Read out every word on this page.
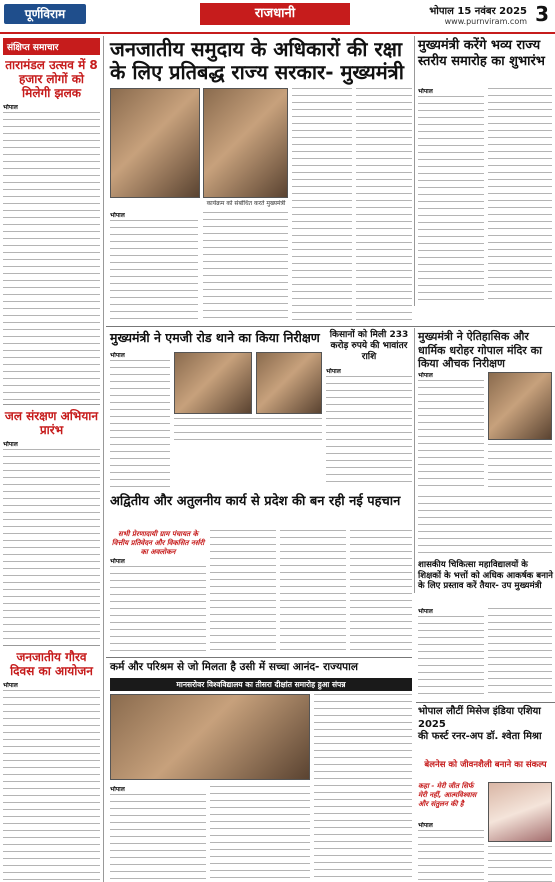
पूर्णविराम	राजधानी	भोपाल 15 नवंबर 2025
www.purnviram.com 3
संक्षिप्त समाचार
तारामंडल उत्सव में 8 हजार लोगों को मिलेगी झलक
भोपाल
जल संरक्षण अभियान प्रारंभ
भोपाल
जनजातीय गौरव दिवस का आयोजन
भोपाल
जनजातीय समुदाय के अधिकारों की रक्षा
के लिए प्रतिबद्ध राज्य सरकार- मुख्यमंत्री
कार्यक्रम को संबोधित करते मुख्यमंत्री
भोपाल
मुख्यमंत्री करेंगे भव्य राज्य स्तरीय समारोह का शुभारंभ
भोपाल
मुख्यमंत्री ने एमजी रोड थाने का किया निरीक्षण
भोपाल
किसानों को मिली 233 करोड़ रुपये की भावांतर राशि
भोपाल
मुख्यमंत्री ने ऐतिहासिक और धार्मिक धरोहर गोपाल मंदिर का किया औचक निरीक्षण
भोपाल
अद्वितीय और अतुलनीय कार्य से प्रदेश की बन रही नई पहचान
सभी प्रेरणादायी ग्राम पंचायत के वित्तीय प्रतिवेदन और विकसित नर्सरी का अवलोकन
भोपाल	शासकीय चिकित्सा महाविद्यालयों के शिक्षकों के भत्तों को अधिक आकर्षक बनाने के लिए प्रस्ताव करें तैयार- उप मुख्यमंत्री
भोपाल
कर्म और परिश्रम से जो मिलता है उसी में सच्चा आनंद- राज्यपाल
मानसरोवर विश्वविद्यालय का तीसरा दीक्षांत समारोह हुआ संपन्न
भोपाल
भोपाल लौटीं मिसेज इंडिया एशिया 2025
की फर्स्ट रनर-अप डॉ. श्वेता मिश्रा
बेलनेस को जीवनशैली बनाने का संकल्प
कहा - मेरी जीत सिर्फ मेरी नहीं, आत्मविश्वास और संतुलन की है
भोपाल
